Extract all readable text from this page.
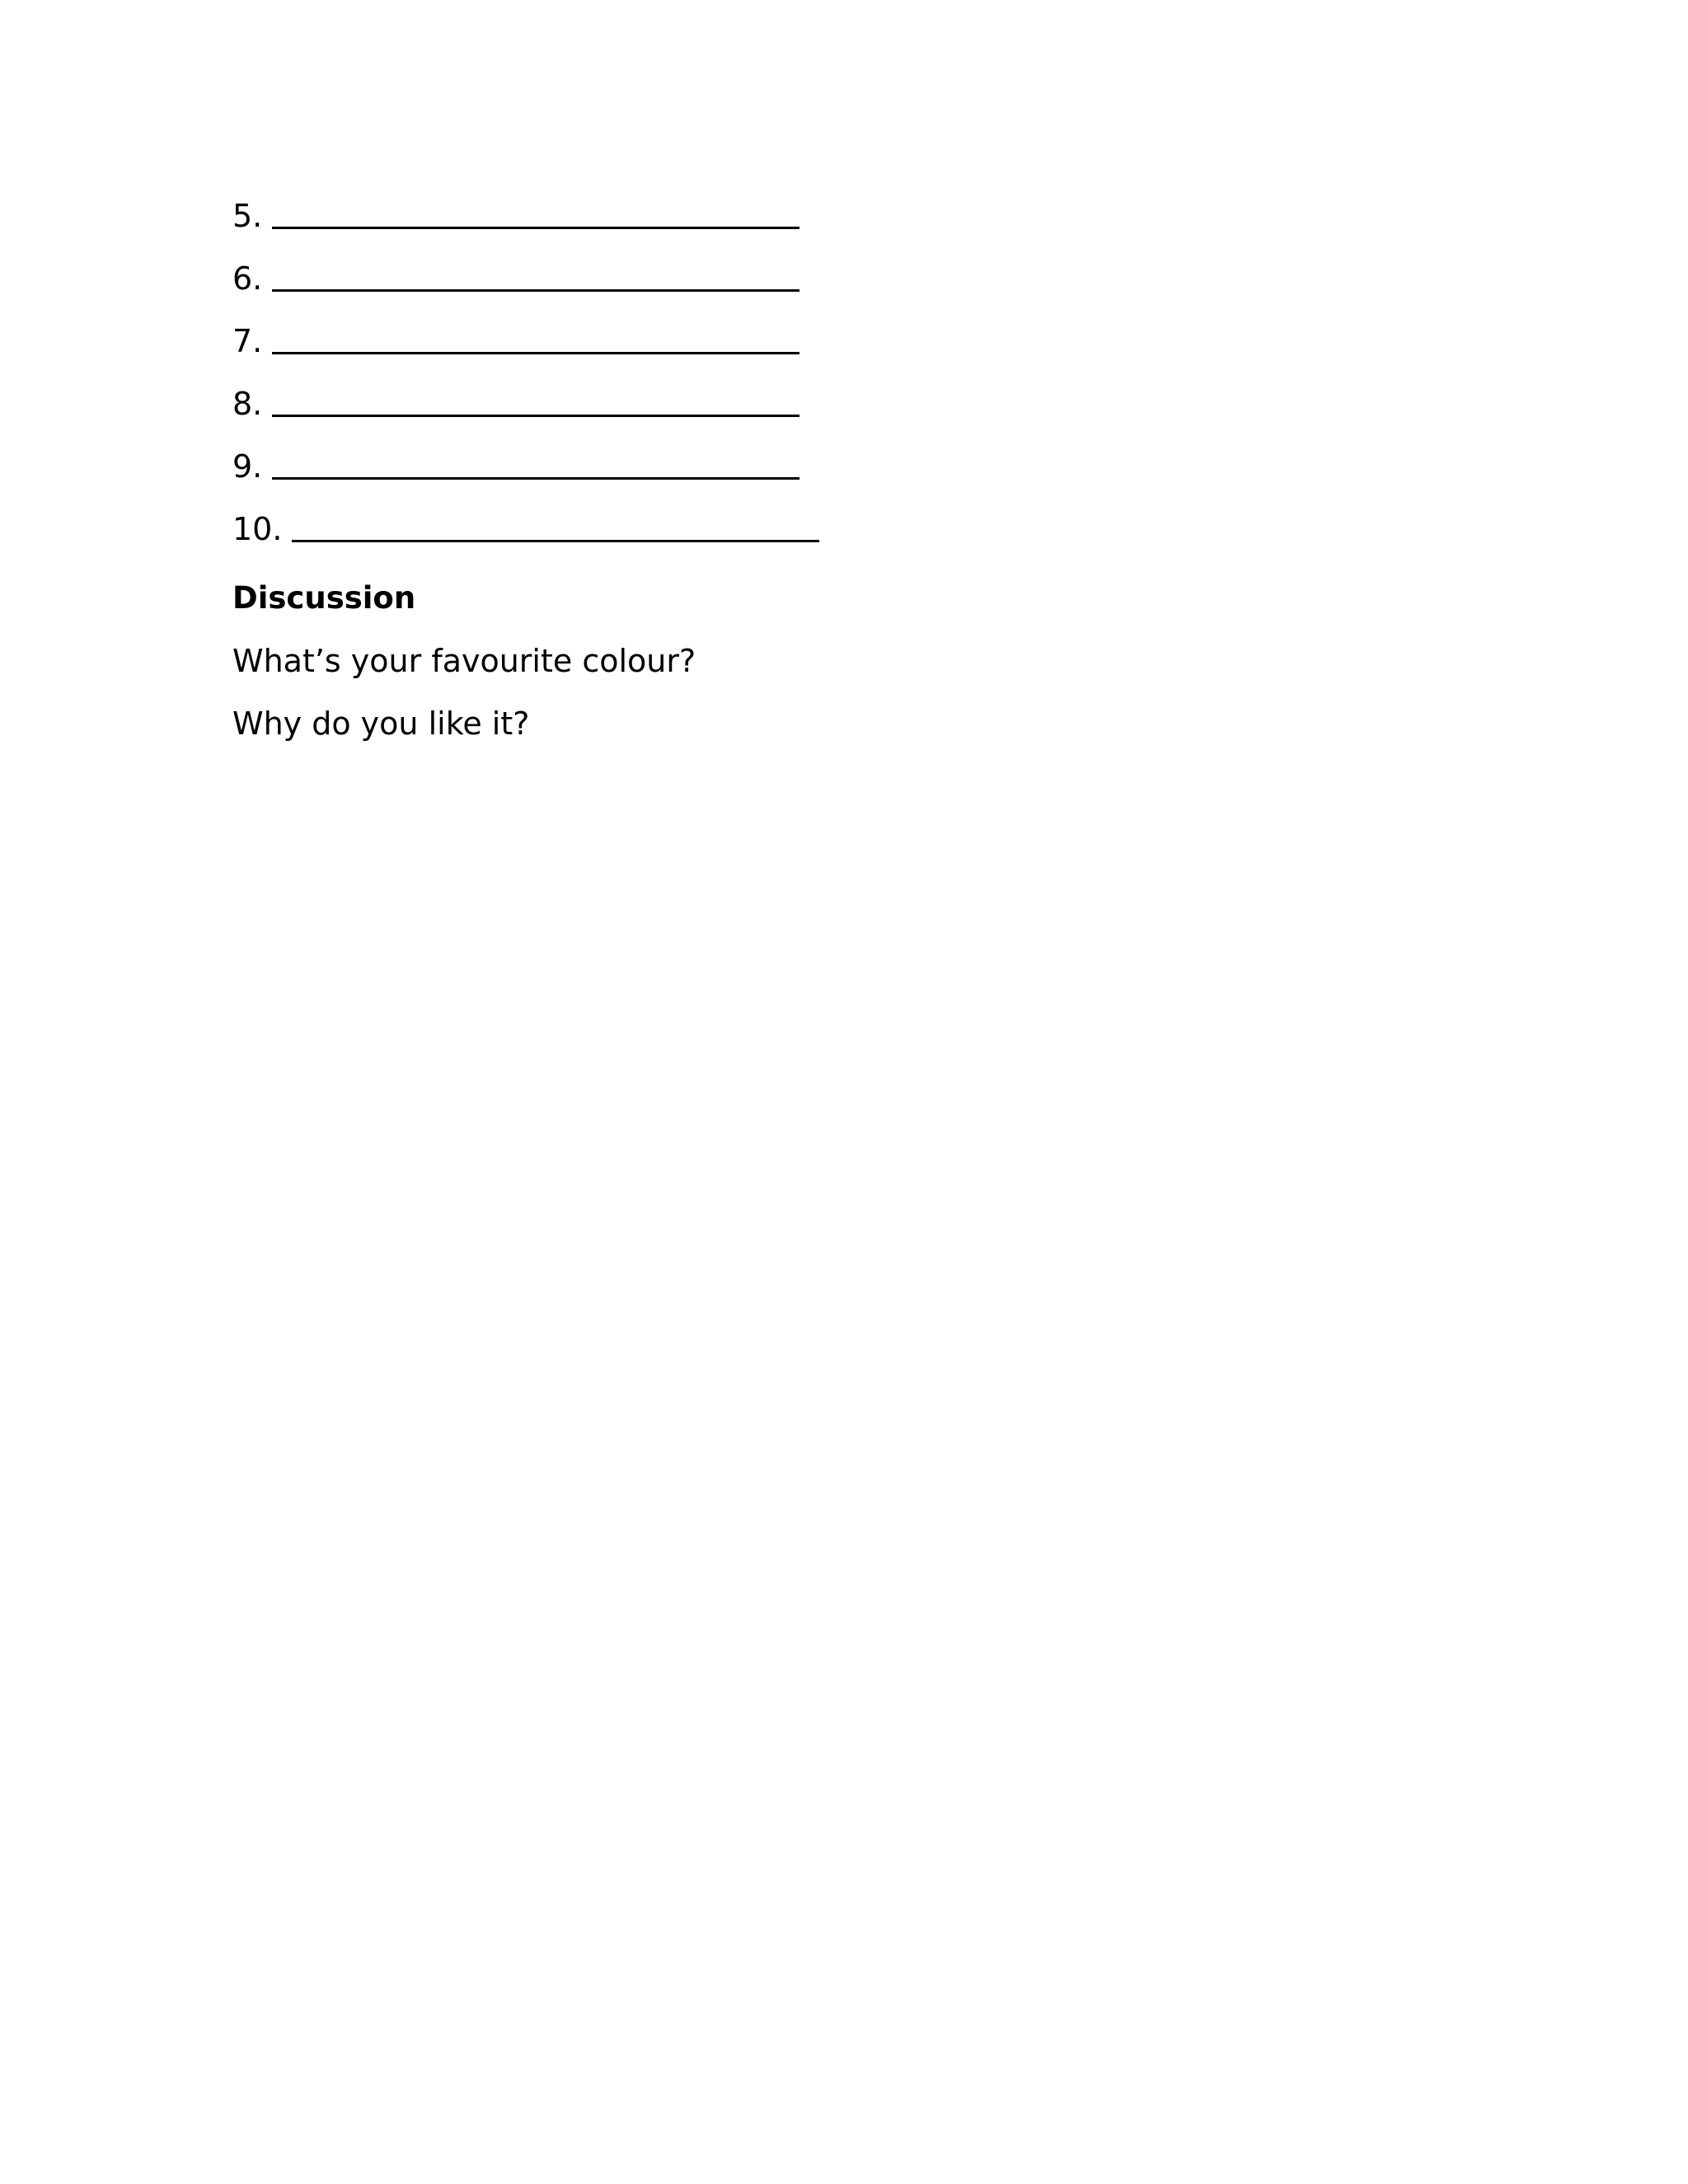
5.
6.
7.
8.
9.
10.
Discussion
What’s your favourite colour?
Why do you like it?
